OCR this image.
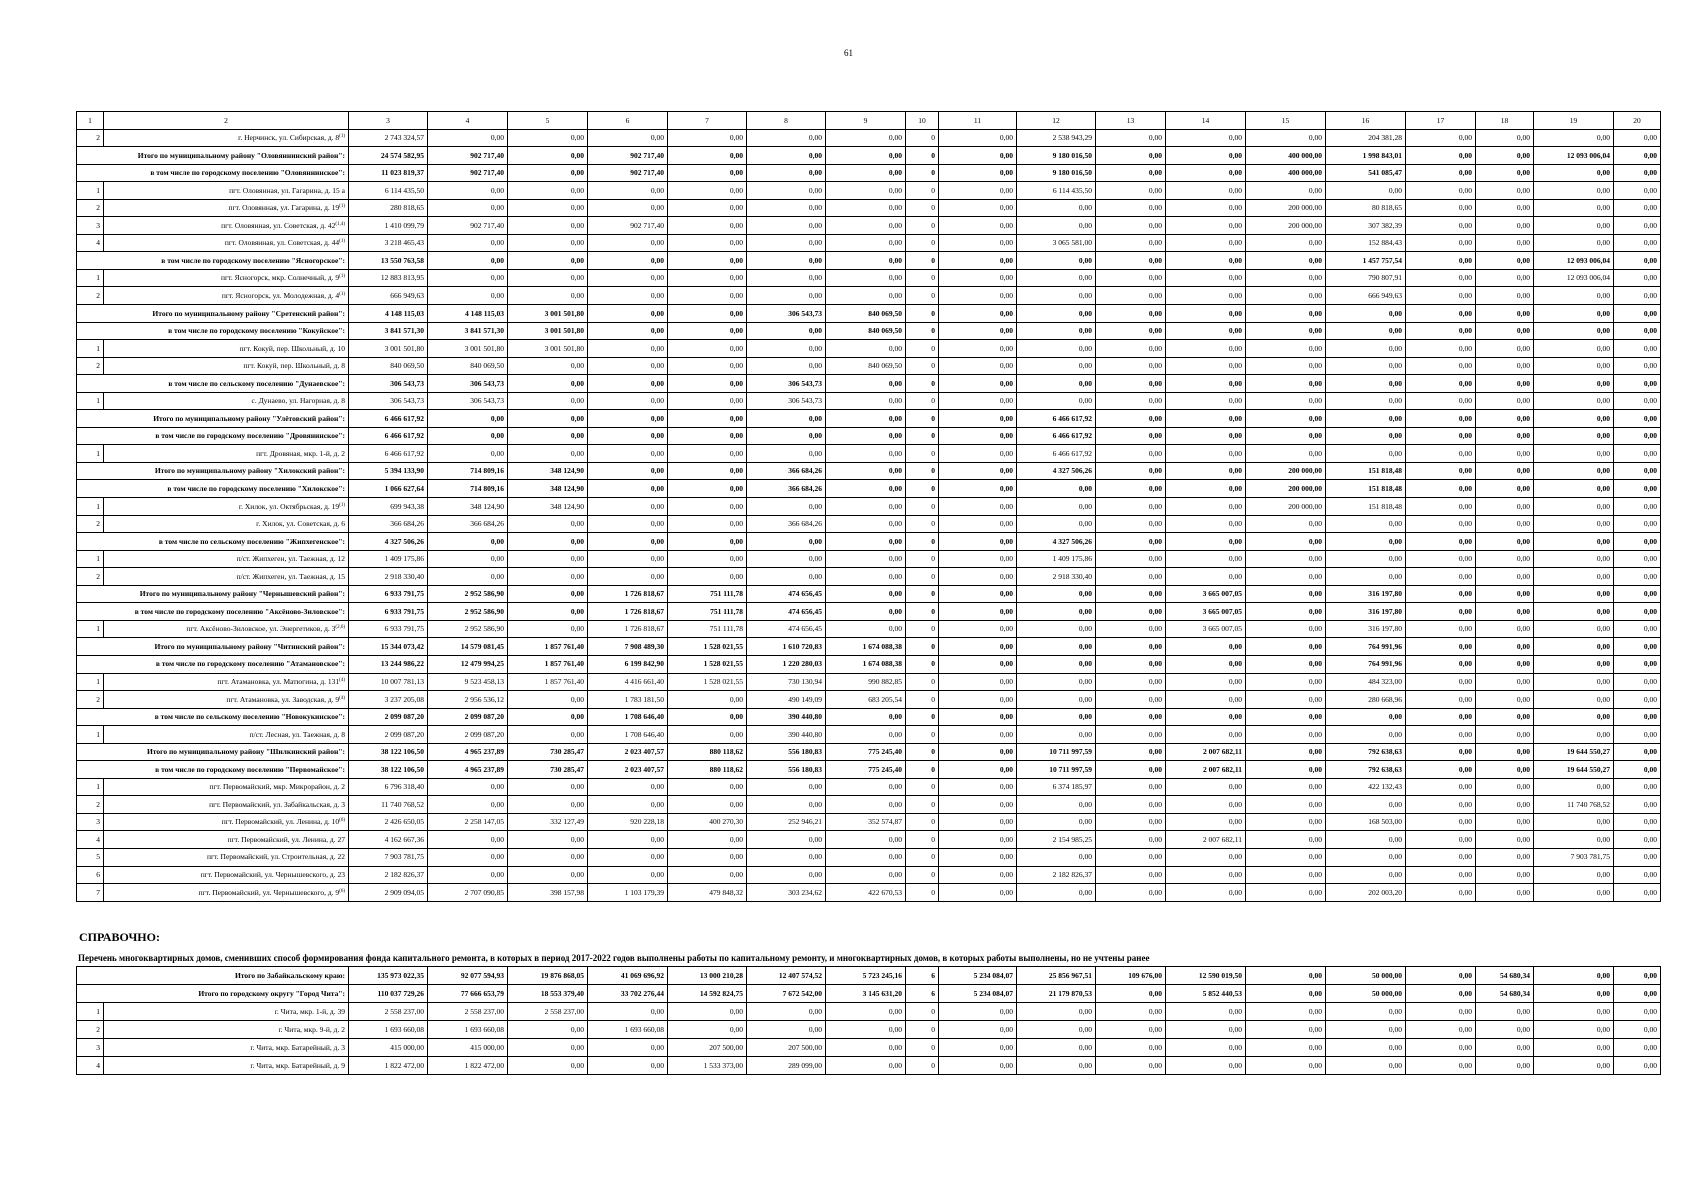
61
1	2	3	4	5	6	7	8	9	10	11	12	13	14	15	16	17	18	19	20
2	г. Нерчинск, ул. Сибирская, д. 8$^{(1)}$	2 743 324,57	0,00	0,00	0,00	0,00	0,00	0,00	0	0,00	2 538 943,29	0,00	0,00	0,00	204 381,28	0,00	0,00	0,00	0,00
Итого по муниципальному району "Оловяннинский район":		24 574 582,95	902 717,40	0,00	902 717,40	0,00	0,00	0,00	0	0,00	9 180 016,50	0,00	0,00	400 000,00	1 998 843,01	0,00	0,00	12 093 006,04	0,00
в том числе по городскому поселению "Оловяннинское":		11 023 819,37	902 717,40	0,00	902 717,40	0,00	0,00	0,00	0	0,00	9 180 016,50	0,00	0,00	400 000,00	541 085,47	0,00	0,00	0,00	0,00
1	пгт. Оловянная, ул. Гагарина, д. 15 а	6 114 435,50	0,00	0,00	0,00	0,00	0,00	0,00	0	0,00	6 114 435,50	0,00	0,00	0,00	0,00	0,00	0,00	0,00	0,00
2	пгт. Оловянная, ул. Гагарина, д. 19$^{(1)}$	280 818,65	0,00	0,00	0,00	0,00	0,00	0,00	0	0,00	0,00	0,00	0,00	200 000,00	80 818,65	0,00	0,00	0,00	0,00
3	пгт. Оловянная, ул. Советская, д. 42$^{(1,4)}$	1 410 099,79	902 717,40	0,00	902 717,40	0,00	0,00	0,00	0	0,00	0,00	0,00	0,00	200 000,00	307 382,39	0,00	0,00	0,00	0,00
4	пгт. Оловянная, ул. Советская, д. 44$^{(1)}$	3 218 465,43	0,00	0,00	0,00	0,00	0,00	0,00	0	0,00	3 065 581,00	0,00	0,00	0,00	152 884,43	0,00	0,00	0,00	0,00
в том числе по городскому поселению "Ясногорское":		13 550 763,58	0,00	0,00	0,00	0,00	0,00	0,00	0	0,00	0,00	0,00	0,00	0,00	1 457 757,54	0,00	0,00	12 093 006,04	0,00
1	пгт. Ясногорск, мкр. Солнечный, д. 9$^{(1)}$	12 883 813,95	0,00	0,00	0,00	0,00	0,00	0,00	0	0,00	0,00	0,00	0,00	0,00	790 807,91	0,00	0,00	12 093 006,04	0,00
2	пгт. Ясногорск, ул. Молодежная, д. 4$^{(1)}$	666 949,63	0,00	0,00	0,00	0,00	0,00	0,00	0	0,00	0,00	0,00	0,00	0,00	666 949,63	0,00	0,00	0,00	0,00
Итого по муниципальному району "Сретенский район":		4 148 115,03	4 148 115,03	3 001 501,80	0,00	0,00	306 543,73	840 069,50	0	0,00	0,00	0,00	0,00	0,00	0,00	0,00	0,00	0,00	0,00
в том числе по городскому поселению "Кокуйское":		3 841 571,30	3 841 571,30	3 001 501,80	0,00	0,00	0,00	840 069,50	0	0,00	0,00	0,00	0,00	0,00	0,00	0,00	0,00	0,00	0,00
1	пгт. Кокуй, пер. Школьный, д. 10	3 001 501,80	3 001 501,80	3 001 501,80	0,00	0,00	0,00	0,00	0	0,00	0,00	0,00	0,00	0,00	0,00	0,00	0,00	0,00	0,00
2	пгт. Кокуй, пер. Школьный, д. 8	840 069,50	840 069,50	0,00	0,00	0,00	0,00	840 069,50	0	0,00	0,00	0,00	0,00	0,00	0,00	0,00	0,00	0,00	0,00
в том числе по сельскому поселению "Дунаевское":		306 543,73	306 543,73	0,00	0,00	0,00	306 543,73	0,00	0	0,00	0,00	0,00	0,00	0,00	0,00	0,00	0,00	0,00	0,00
1	с. Дунаево, ул. Нагорная, д. 8	306 543,73	306 543,73	0,00	0,00	0,00	306 543,73	0,00	0	0,00	0,00	0,00	0,00	0,00	0,00	0,00	0,00	0,00	0,00
Итого по муниципальному району "Улётовский район":		6 466 617,92	0,00	0,00	0,00	0,00	0,00	0,00	0	0,00	6 466 617,92	0,00	0,00	0,00	0,00	0,00	0,00	0,00	0,00
в том числе по городскому поселению "Дровянинское":		6 466 617,92	0,00	0,00	0,00	0,00	0,00	0,00	0	0,00	6 466 617,92	0,00	0,00	0,00	0,00	0,00	0,00	0,00	0,00
1	пгт. Дровяная, мкр. 1-й, д. 2	6 466 617,92	0,00	0,00	0,00	0,00	0,00	0,00	0	0,00	6 466 617,92	0,00	0,00	0,00	0,00	0,00	0,00	0,00	0,00
Итого по муниципальному району "Хилокский район":		5 394 133,90	714 809,16	348 124,90	0,00	0,00	366 684,26	0,00	0	0,00	4 327 506,26	0,00	0,00	200 000,00	151 818,48	0,00	0,00	0,00	0,00
в том числе по городскому поселению "Хилокское":		1 066 627,64	714 809,16	348 124,90	0,00	0,00	366 684,26	0,00	0	0,00	0,00	0,00	0,00	200 000,00	151 818,48	0,00	0,00	0,00	0,00
1	г. Хилок, ул. Октябрьская, д. 19$^{(1)}$	699 943,38	348 124,90	348 124,90	0,00	0,00	0,00	0,00	0	0,00	0,00	0,00	0,00	200 000,00	151 818,48	0,00	0,00	0,00	0,00
2	г. Хилок, ул. Советская, д. 6	366 684,26	366 684,26	0,00	0,00	0,00	366 684,26	0,00	0	0,00	0,00	0,00	0,00	0,00	0,00	0,00	0,00	0,00	0,00
в том числе по сельскому поселению "Жипхегенское":		4 327 506,26	0,00	0,00	0,00	0,00	0,00	0,00	0	0,00	4 327 506,26	0,00	0,00	0,00	0,00	0,00	0,00	0,00	0,00
1	п/ст. Жипхеген, ул. Таежная, д. 12	1 409 175,86	0,00	0,00	0,00	0,00	0,00	0,00	0	0,00	1 409 175,86	0,00	0,00	0,00	0,00	0,00	0,00	0,00	0,00
2	п/ст. Жипхеген, ул. Таежная, д. 15	2 918 330,40	0,00	0,00	0,00	0,00	0,00	0,00	0	0,00	2 918 330,40	0,00	0,00	0,00	0,00	0,00	0,00	0,00	0,00
Итого по муниципальному району "Чернышевский район":		6 933 791,75	2 952 586,90	0,00	1 726 818,67	751 111,78	474 656,45	0,00	0	0,00	0,00	0,00	3 665 007,05	0,00	316 197,80	0,00	0,00	0,00	0,00
в том числе по городскому поселению "Аксёново-Зиловское":		6 933 791,75	2 952 586,90	0,00	1 726 818,67	751 111,78	474 656,45	0,00	0	0,00	0,00	0,00	3 665 007,05	0,00	316 197,80	0,00	0,00	0,00	0,00
1	пгт. Аксёново-Зиловское, ул. Энергетиков, д. 3$^{(2,6)}$	6 933 791,75	2 952 586,90	0,00	1 726 818,67	751 111,78	474 656,45	0,00	0	0,00	0,00	0,00	3 665 007,05	0,00	316 197,80	0,00	0,00	0,00	0,00
Итого по муниципальному району "Читинский район":		15 344 073,42	14 579 081,45	1 857 761,40	7 908 489,30	1 528 021,55	1 610 720,83	1 674 088,38	0	0,00	0,00	0,00	0,00	0,00	764 991,96	0,00	0,00	0,00	0,00
в том числе по городскому поселению "Атамановское":		13 244 986,22	12 479 994,25	1 857 761,40	6 199 842,90	1 528 021,55	1 220 280,03	1 674 088,38	0	0,00	0,00	0,00	0,00	0,00	764 991,96	0,00	0,00	0,00	0,00
1	пгт. Атамановка, ул. Матюгина, д. 131$^{(4)}$	10 007 781,13	9 523 458,13	1 857 761,40	4 416 661,40	1 528 021,55	730 130,94	990 882,85	0	0,00	0,00	0,00	0,00	0,00	484 323,00	0,00	0,00	0,00	0,00
2	пгт. Атамановка, ул. Заводская, д. 9$^{(4)}$	3 237 205,08	2 956 536,12	0,00	1 783 181,50	0,00	490 149,09	683 205,54	0	0,00	0,00	0,00	0,00	0,00	280 668,96	0,00	0,00	0,00	0,00
в том числе по сельскому поселению "Новокукинское":		2 099 087,20	2 099 087,20	0,00	1 708 646,40	0,00	390 440,80	0,00	0	0,00	0,00	0,00	0,00	0,00	0,00	0,00	0,00	0,00	0,00
1	п/ст. Лесная, ул. Таежная, д. 8	2 099 087,20	2 099 087,20	0,00	1 708 646,40	0,00	390 440,80	0,00	0	0,00	0,00	0,00	0,00	0,00	0,00	0,00	0,00	0,00	0,00
Итого по муниципальному району "Шилкинский район":		38 122 106,50	4 965 237,89	730 285,47	2 023 407,57	880 118,62	556 180,83	775 245,40	0	0,00	10 711 997,59	0,00	2 007 682,11	0,00	792 638,63	0,00	0,00	19 644 550,27	0,00
в том числе по городскому поселению "Первомайское":		38 122 106,50	4 965 237,89	730 285,47	2 023 407,57	880 118,62	556 180,83	775 245,40	0	0,00	10 711 997,59	0,00	2 007 682,11	0,00	792 638,63	0,00	0,00	19 644 550,27	0,00
1	пгт. Первомайский, мкр. Микрорайон, д. 2	6 796 318,40	0,00	0,00	0,00	0,00	0,00	0,00	0	0,00	6 374 185,97	0,00	0,00	0,00	422 132,43	0,00	0,00	0,00	0,00
2	пгт. Первомайский, ул. Забайкальская, д. 3	11 740 768,52	0,00	0,00	0,00	0,00	0,00	0,00	0	0,00	0,00	0,00	0,00	0,00	0,00	0,00	0,00	11 740 768,52	0,00
3	пгт. Первомайский, ул. Ленина, д. 10$^{(6)}$	2 426 650,05	2 258 147,05	332 127,49	920 228,18	400 270,30	252 946,21	352 574,87	0	0,00	0,00	0,00	0,00	0,00	168 503,00	0,00	0,00	0,00	0,00
4	пгт. Первомайский, ул. Ленина, д. 27	4 162 667,36	0,00	0,00	0,00	0,00	0,00	0,00	0	0,00	2 154 985,25	0,00	2 007 682,11	0,00	0,00	0,00	0,00	0,00	0,00
5	пгт. Первомайский, ул. Строительная, д. 22	7 903 781,75	0,00	0,00	0,00	0,00	0,00	0,00	0	0,00	0,00	0,00	0,00	0,00	0,00	0,00	0,00	7 903 781,75	0,00
6	пгт. Первомайский, ул. Чернышевского, д. 23	2 182 826,37	0,00	0,00	0,00	0,00	0,00	0,00	0	0,00	2 182 826,37	0,00	0,00	0,00	0,00	0,00	0,00	0,00	0,00
7	пгт. Первомайский, ул. Чернышевского, д. 9$^{(6)}$	2 909 094,05	2 707 090,85	398 157,98	1 103 179,39	479 848,32	303 234,62	422 670,53	0	0,00	0,00	0,00	0,00	0,00	202 003,20	0,00	0,00	0,00	0,00
СПРАВОЧНО:
Перечень многоквартирных домов, сменивших способ формирования фонда капитального ремонта, в которых в период 2017-2022 годов выполнены работы по капитальному ремонту, и многоквартирных домов, в которых работы выполнены, но не учтены ранее
Итого по Забайкальскому краю:		135 973 022,35	92 077 594,93	19 876 868,05	41 069 696,92	13 000 210,28	12 407 574,52	5 723 245,16	6	5 234 084,07	25 856 967,51	109 676,00	12 590 019,50	0,00	50 000,00	0,00	54 680,34	0,00	0,00
Итого по городскому округу "Город Чита":		110 037 729,26	77 666 653,79	18 553 379,40	33 702 276,44	14 592 824,75	7 672 542,00	3 145 631,20	6	5 234 084,07	21 179 870,53	0,00	5 852 440,53	0,00	50 000,00	0,00	54 680,34	0,00	0,00
1	г. Чита, мкр. 1-й, д. 39	2 558 237,00	2 558 237,00	2 558 237,00	0,00	0,00	0,00	0,00	0	0,00	0,00	0,00	0,00	0,00	0,00	0,00	0,00	0,00	0,00
2	г. Чита, мкр. 9-й, д. 2	1 693 660,08	1 693 660,08	0,00	1 693 660,08	0,00	0,00	0,00	0	0,00	0,00	0,00	0,00	0,00	0,00	0,00	0,00	0,00	0,00
3	г. Чита, мкр. Батарейный, д. 3	415 000,00	415 000,00	0,00	0,00	207 500,00	207 500,00	0,00	0	0,00	0,00	0,00	0,00	0,00	0,00	0,00	0,00	0,00	0,00
4	г. Чита, мкр. Батарейный, д. 9	1 822 472,00	1 822 472,00	0,00	0,00	1 533 373,00	289 099,00	0,00	0	0,00	0,00	0,00	0,00	0,00	0,00	0,00	0,00	0,00	0,00
